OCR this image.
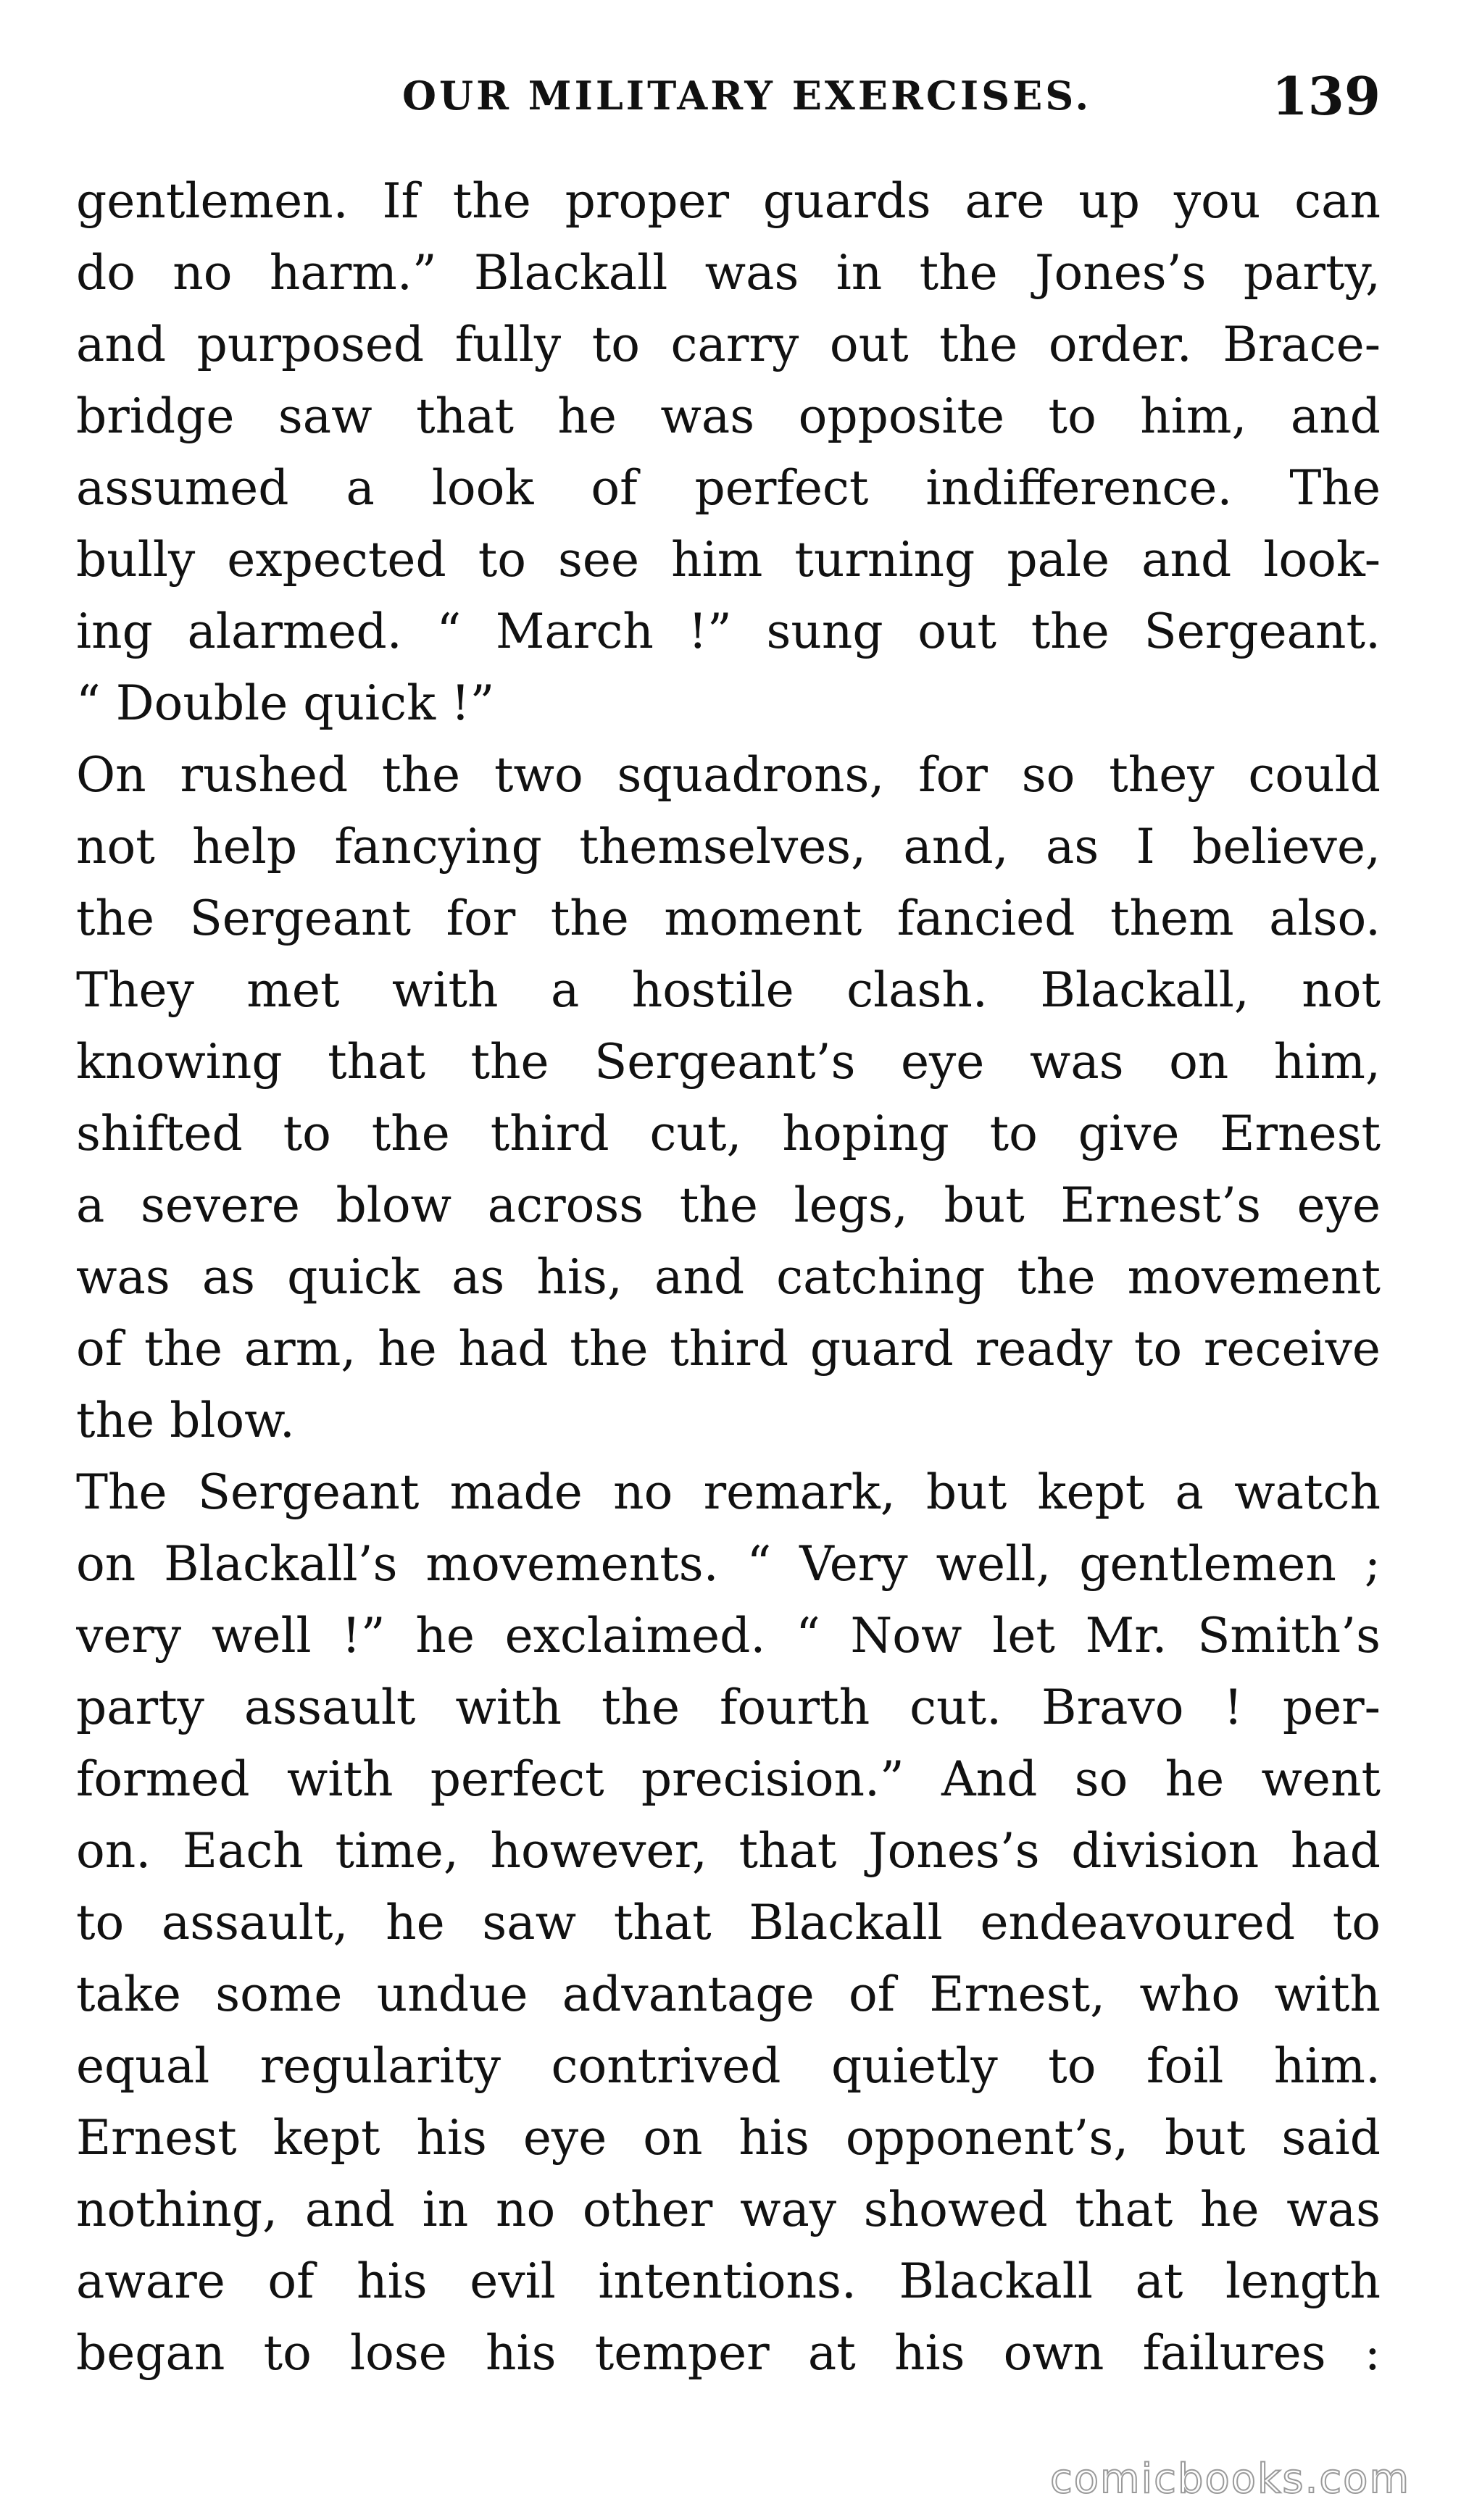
OUR MILITARY EXERCISES.	139
gentlemen. If the proper guards are up you can
do no harm.” Blackall was in the Jones’s party,
and purposed fully to carry out the order. Brace-
bridge saw that he was opposite to him, and
assumed a look of perfect indifference. The
bully expected to see him turning pale and look-
ing alarmed. “ March !” sung out the Sergeant.
“ Double quick !”
On rushed the two squadrons, for so they could
not help fancying themselves, and, as I believe,
the Sergeant for the moment fancied them also.
They met with a hostile clash. Blackall, not
knowing that the Sergeant’s eye was on him,
shifted to the third cut, hoping to give Ernest
a severe blow across the legs, but Ernest’s eye
was as quick as his, and catching the movement
of the arm, he had the third guard ready to receive
the blow.
The Sergeant made no remark, but kept a watch
on Blackall’s movements. “ Very well, gentlemen ;
very well !” he exclaimed. “ Now let Mr. Smith’s
party assault with the fourth cut. Bravo ! per-
formed with perfect precision.” And so he went
on. Each time, however, that Jones’s division had
to assault, he saw that Blackall endeavoured to
take some undue advantage of Ernest, who with
equal regularity contrived quietly to foil him.
Ernest kept his eye on his opponent’s, but said
nothing, and in no other way showed that he was
aware of his evil intentions. Blackall at length
began to lose his temper at his own failures :
comicbooks.com
